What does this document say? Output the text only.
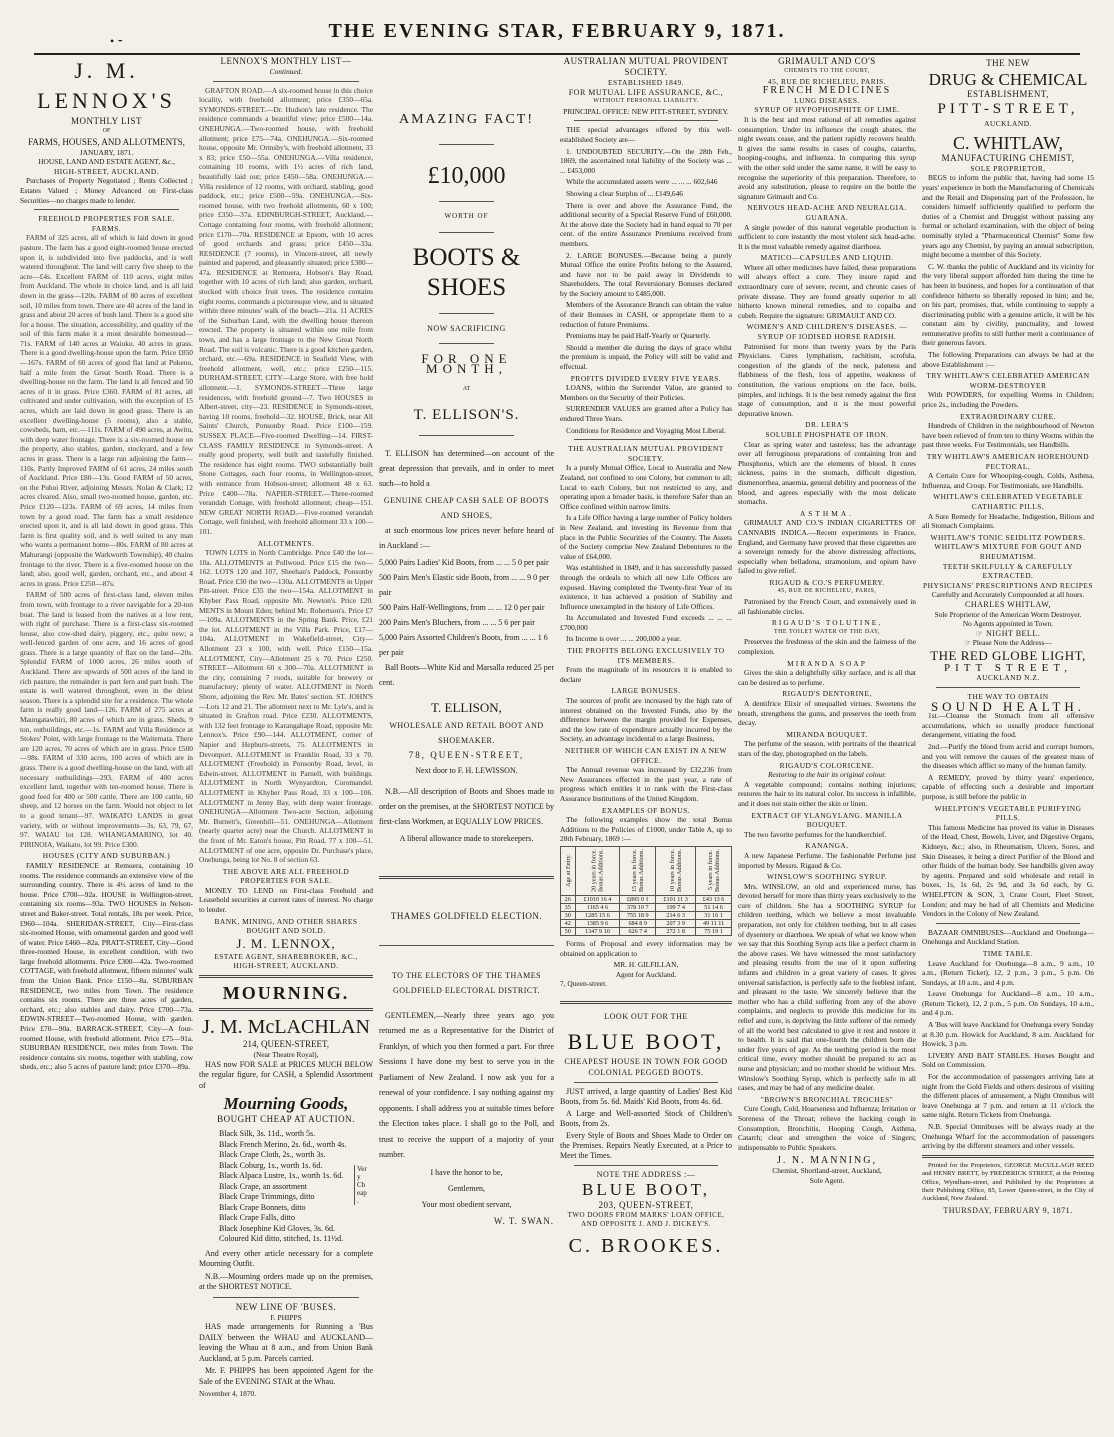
• ⁃	THE EVENING STAR, FEBRUARY 9, 1871.
J. M. LENNOX'S
MONTHLY LIST
OF
FARMS, HOUSES, AND ALLOTMENTS,
JANUARY, 1871.
HOUSE, LAND AND ESTATE AGENT, &c.,
HIGH-STREET, AUCKLAND.

Purchases of Property Negotiated ; Rents Collected ; Estates Valued ; Money Advanced on First-class Securities—no charges made to lender.

FREEHOLD PROPERTIES FOR SALE.
FARMS.

FARM of 325 acres, all of which is laid down in good pasture. The farm has a good eight-roomed house erected upon it, is subdivided into five paddocks, and is well watered throughout. The land will carry five sheep to the acre—£4s. Excellent FARM of 110 acres, eight miles from Auckland. The whole in choice land, and is all laid down in the grass—120s. FARM of 80 acres of excellent soil, 10 miles from town. There are 40 acres of the land in grass and about 20 acres of bush land. There is a good site for a house. The situation, accessibility, and quality of the soil of this farm make it a most desirable homestead—71s. FARM of 140 acres at Waiuku. 40 acres in grass. There is a good dwelling-house upon the farm. Price £850—167s. FARM of 60 acres of good flat land at Pukeno, half a mile from the Great South Road. There is a dwelling-house on the farm. The land is all fenced and 50 acres of it in grass. Price £360. FARM of 81 acres, all cultivated and under cultivation, with the exception of 15 acres, which are laid down in good grass. There is an excellent dwelling-house (5 rooms), also a stable, cowsheds, barn, etc.—111s. FARM of 490 acres, at Awitu, with deep water frontage. There is a six-roomed house on the property, also stables, garden, stockyard, and a few acres in grass. There is a large run adjoining the farm—110s. Partly Improved FARM of 61 acres, 24 miles south of Auckland. Price £80—13s. Good FARM of 50 acres, on the Puhoi River, adjoining Messrs. Nolan & Clark; 12 acres cleared. Also, small two-roomed house, garden, etc. Price £120—123s. FARM of 69 acres, 14 miles from town by a good road. The farm has a small residence erected upon it, and is all laid down in good grass. This farm is first quality soil, and is well suited to any man who wants a permanent home—80s. FARM of 80 acres at Mahurangi (opposite the Warkworth Township), 40 chains frontage to the river. There is a five-roomed house on the land; also, good well, garden, orchard, etc., and about 4 acres in grass. Price £250—87s.

FARM of 500 acres of first-class land, eleven miles from town, with frontage to a river navigable for a 20-ton boat. The land is leased from the natives at a low rent, with right of purchase. There is a first-class six-roomed house, also cow-shed dairy, piggery, etc., quite new; a well-fenced garden of one acre, and 16 acres of good grass. There is a large quantity of flax on the land—20s. Splendid FARM of 1000 acres, 26 miles south of Auckland. There are upwards of 500 acres of the land in rich pasture, the remainder is part fern and part bush. The estate is well watered throughout, even in the driest season. There is a splendid site for a residence. The whole farm is really good land—126. FARM of 275 acres at Maungatawhiri, 80 acres of which are in grass. Sheds, 9 ton, outbuildings, etc.—1s. FARM and Villa Residence at Stokes' Point, with large frontage to the Waitemata. There are 120 acres, 70 acres of which are in grass. Price £500—98s. FARM of 330 acres, 100 acres of which are in grass. There is a good dwelling-house on the land, with all necessary outbuildings—293. FARM of 400 acres excellent land, together with ten-roomed house. There is good feed for 400 or 500 cattle. There are 100 cattle, 60 sheep, and 12 horses on the farm. Would not object to let to a good tenant—97. WAIKATO LANDS in great variety, with or without improvements—3s, 63, 79, 67, 97. WAIAU lot 128. WHANGAMARINO, lot 40. PIRINOIA, Waikato, lot 99. Price £300.

HOUSES (CITY AND SUBURBAN.)

FAMILY RESIDENCE at Remuera, containing 10 rooms. The residence commands an extensive view of the surrounding country. There is 4½ acres of land to the house. Price £700—92a. HOUSE in Wellington-street, containing six rooms—93a. TWO HOUSES in Nelson-street and Baker-street. Total rentals, 18s per week. Price, £960—104a. SHERIDAN-STREET, City—First-class six-roomed House, with ornamental garden and good well of water. Price £460—82a. PRATT-STREET, City—Good three-roomed House, in excellent condition, with two large freehold allotments. Price £300—42a. Two-roomed COTTAGE, with freehold allotment, fifteen minutes' walk from the Union Bank. Price £150—8a. SUBURBAN RESIDENCE, two miles from Town. The residence contains six rooms. There are three acres of garden, orchard, etc.; also stables and dairy. Price £700—73a. EDWIN-STREET—Two-roomed House, with garden. Price £70—90a. BARRACK-STREET, City—A four-roomed House, with freehold allotment. Price £75—91a. SUBURBAN RESIDENCE, two miles from Town. The residence contains six rooms, together with stabling, cow sheds, etc.; also 5 acres of pasture land; price £370—89a.

LENNOX'S MONTHLY LIST—
Continued.

GRAFTON ROAD.—A six-roomed house in this choice locality, with freehold allotment; price £350—65a. SYMONDS-STREET.—Dr. Hudson's late residence. The residence commands a beautiful view; price £500—14a. ONEHUNGA.—Two-roomed house, with freehold allotment; price £75—74a. ONEHUNGA.—Six-roomed house, opposite Mr. Ormsby's, with freehold allotment, 33 x 83; price £50—55a. ONEHUNGA.—Villa residence, containing 10 rooms, with 1½ acres of rich land, beautifully laid out; price £450—58a. ONEHUNGA.—Villa residence of 12 rooms, with orchard, stabling, good paddock, etc.; price £500—59a. ONEHUNGA.—Six-roomed house, with two freehold allotments, 60 x 100; price £350—37a. EDINBURGH-STREET, Auckland.—Cottage containing four rooms, with freehold allotment; price £170—70a. RESIDENCE at Epsom, with 10 acres of good orchards and grass; price £450—33a. RESIDENCE (7 rooms), in Vincent-street, all newly painted and papered, and pleasantly situated; price £380—47a. RESIDENCE at Remuera, Hobson's Bay Road, together with 10 acres of rich land; also garden, orchard, stocked with choice fruit trees. The residence contains eight rooms, commands a picturesque view, and is situated within three minutes' walk of the beach—21a. 11 ACRES of the Suburban Land, with the dwelling house thereon erected. The property is situated within one mile from town, and has a large frontage to the New Great North Road. The soil is volcanic. There is a good kitchen garden, orchard, etc.—69a. RESIDENCE in Seafield View, with freehold allotment, well, etc.; price £250—115. DURHAM-STREET, CITY—Large Store, with free hold allotment.—1. SYMONDS-STREET—Three large residences, with freehold ground—7. Two HOUSES in Albert-street, city—23. RESIDENCE in Symonds-street, having 10 rooms, freehold—32. HOUSE, Brick, near All Saints' Church, Ponsonby Road. Price £100—159. SUSSEX PLACE—Five-roomed Dwelling—14. FIRST-CLASS FAMILY RESIDENCE in Symonds-street. A really good property, well built and tastefully finished. The residence has eight rooms. TWO substantially built Stone Cottages, each four rooms, in Wellington-street, with entrance from Hobson-street; allotment 48 x 63. Price £400—78a. NAPIER-STREET.—Three-roomed verandah Cottage, with freehold allotment; cheap—151. NEW GREAT NORTH ROAD.—Five-roomed verandah Cottage, well finished, with freehold allotment 33 x 100—101.

ALLOTMENTS.

TOWN LOTS in North Cambridge. Price £40 the lot—10a. ALLOTMENTS at Pollwood. Price £15 the two—162. LOTS 120 and 107, Sheehan's Paddock, Ponsonby Road. Price £30 the two—130a. ALLOTMENTS in Upper Pitt-street. Price £35 the two—154a. ALLOTMENT in Khyber Pass Road, opposite Mr. Newton's. Price £20. MENTS in Mount Eden; behind Mr. Robertson's. Price £7—109a. ALLOTMENTS in the Spring Bank. Price, £21 the lot. ALLOTMENT in the Villa Park. Price, £17—104a. ALLOTMENT in Wakefield-street, City—Allotment 23 x 100, with well. Price £150—15a. ALLOTMENT, City—Allotment 25 x 70. Price £250. STREET—Allotment 60 x 300—70a. ALLOTMENT in the city, containing 7 roods, suitable for brewery or manufactory; plenty of water. ALLOTMENT in North Shore, adjoining the Rev. Mr. Bates' section. ST. JOHN'S—Lots 12 and 21. The allotment next to Mr. Lyle's, and is situated in Grafton road. Price £230. ALLOTMENTS, with 132 feet frontage to Karangahape Road, opposite Mr. Lennox's. Price £90—144. ALLOTMENT, corner of Napier and Hepburn-streets, 75. ALLOTMENTS in Devonport. ALLOTMENT in Franklin Road, 33 x 70. ALLOTMENT (Freehold) in Ponsonby Road, level, in Edwin-street. ALLOTMENT in Parnell, with buildings. ALLOTMENT in North Wynyardton, Coromandel. ALLOTMENT in Khyber Pass Road, 33 x 100—106. ALLOTMENT in Jenny Bay, with deep water frontage. ONEHUNGA—Allotment Two-acre Section, adjoining Mr. Burnett's, Greenhill—51. ONEHUNGA—Allotment (nearly quarter acre) near the Church. ALLOTMENT in the front of Mr. Eaton's house, Pitt Road, 77 x 100—51. ALLOTMENT of one acre, opposite Dr. Purchase's place, Onehunga, being lot No. 8 of section 63.

THE ABOVE ARE ALL FREEHOLD PROPERTIES FOR SALE.

MONEY TO LEND on First-class Freehold and Leasehold securities at current rates of interest. No charge to lender.

BANK, MINING, AND OTHER SHARES BOUGHT AND SOLD.
J. M. LENNOX,
ESTATE AGENT, SHAREBROKER, &C.,
HIGH-STREET, AUCKLAND.
MOURNING.
J. M. McLACHLAN
214, QUEEN-STREET,
(Near Theatre Royal),

HAS now FOR SALE at PRICES MUCH BELOW the regular figure, for CASH, a Splendid Assortment of

Mourning Goods,
BOUGHT CHEAP AT AUCTION.
Black Silk, 3s. 11d., worth 5s.
Black French Merino, 2s. 6d., worth 4s.
Black Crape Cloth, 2s., worth 3s.
Black Coburg, 1s., worth 1s. 6d.
Black Alpaca Lustre, 1s., worth 1s. 6d.
Black Crape, an assortment
Black Crape Trimmings, ditto
Black Crape Bonnets, ditto
Black Crape Falls, ditto
Black Josephine Kid Gloves, 3s. 6d.
Coloured Kid ditto, stitched, 1s. 11½d.
Very Cheap.

And every other article necessary for a complete Mourning Outfit.

N.B.—Mourning orders made up on the premises, at the SHORTEST NOTICE.

NEW LINE OF 'BUSES.
F. PHIPPS

HAS made arrangements for Running a 'Bus DAILY between the WHAU and AUCKLAND—leaving the Whau at 8 a.m., and from Union Bank Auckland, at 5 p.m. Parcels carried.

Mr. F. PHIPPS has been appointed Agent for the Sale of the EVENING STAR at the Whau.

November 4, 1870.
AMAZING FACT!
£10,000
WORTH OF
BOOTS & SHOES
NOW SACRIFICING
FOR ONE MONTH,
AT
T. ELLISON'S.

T. ELLISON has determined—on account of the great depression that prevails, and in order to meet such—to hold a

GENUINE CHEAP CASH SALE OF BOOTS AND SHOES,

at such enormous low prices never before heard of in Auckland :—

5,000 Pairs Ladies' Kid Boots, from ... ... 5 0 per pair
500 Pairs Men's Elastic side Boots, from ... ... 9 0 per pair
500 Pairs Half-Wellingtons, from ... ... 12 0 per pair
200 Pairs Men's Bluchers, from ... ... 5 6 per pair
5,000 Pairs Assorted Children's Boots, from ... ... 1 6 per pair

Ball Boots—White Kid and Marsalla reduced 25 per cent.

T. ELLISON,
WHOLESALE AND RETAIL BOOT AND SHOEMAKER.
78, QUEEN-STREET,
Next door to F. H. LEWISSON.

N.B.—All description of Boots and Shoes made to order on the premises, at the SHORTEST NOTICE by first-class Workmen, at EQUALLY LOW PRICES.

A liberal allowance made to storekeepers.
THAMES GOLDFIELD ELECTION.
TO THE ELECTORS OF THE THAMES GOLDFIELD ELECTORAL DISTRICT.

GENTLEMEN,—Nearly three years ago you returned me as a Representative for the District of Franklyn, of which you then formed a part. For three Sessions I have done my best to serve you in the Parliament of New Zealand. I now ask you for a renewal of your confidence. I say nothing against my opponents. I shall address you at suitable times before the Election takes place. I shall go to the Poll, and trust to receive the support of a majority of your number.

I have the honor to be,
Gentlemen,
Your most obedient servant,
W. T. SWAN.
AUSTRALIAN MUTUAL PROVIDENT SOCIETY.
ESTABLISHED 1849.
FOR MUTUAL LIFE ASSURANCE, &C.,
WITHOUT PERSONAL LIABILITY.
PRINCIPAL OFFICE: NEW PITT-STREET, SYDNEY.

THE special advantages offered by this well-established Society are—

1. UNDOUBTED SECURITY.—On the 28th Feb., 1869, the ascertained total liability of the Society was ... ... £453,000

While the accumulated assets were ... ... ... 602,646

Showing a clear Surplus of ... £149,646

There is over and above the Assurance Fund, the additional security of a Special Reserve Fund of £60,000. At the above date the Society had in hand equal to 70 per cent. of the entire Assurance Premiums received from members.

2. LARGE BONUSES.—Because being a purely Mutual Office the entire Profits belong to the Assured, and have not to be paid away in Dividends to Shareholders. The total Reversionary Bonuses declared by the Society amount to £485,000.

Members of the Assurance Branch can obtain the value of their Bonuses in CASH, or appropriate them to a reduction of future Premiums.

Premiums may be paid Half-Yearly or Quarterly.

Should a member die during the days of grace whilst the premium is unpaid, the Policy will still be valid and effectual.

PROFITS DIVIDED EVERY FIVE YEARS.

LOANS, within the Surrender Value, are granted to Members on the Security of their Policies.

SURRENDER VALUES are granted after a Policy has endured Three Years.

Conditions for Residence and Voyaging Most Liberal.
THE AUSTRALIAN MUTUAL PROVIDENT SOCIETY.

Is a purely Mutual Office, Local to Australia and New Zealand, not confined to one Colony, but common to all; Local to each Colony, but not restricted to any, and operating upon a broader basis, is therefore Safer than an Office confined within narrow limits.

Is a Life Office having a large number of Policy holders in New Zealand, and investing its Revenue from that place in the Public Securities of the Country. The Assets of the Society comprise New Zealand Debentures to the value of £64,000.

Was established in 1849, and it has successfully passed through the ordeals to which all new Life Offices are exposed. Having completed the Twenty-first Year of its existence, it has achieved a position of Stability and Influence unexampled in the history of Life Offices.

Its Accumulated and Invested Fund exceeds ... ... ... £700,000

Its Income is over ... ... 200,000 a year.

THE PROFITS BELONG EXCLUSIVELY TO ITS MEMBERS.

From the magnitude of its resources it is enabled to declare

LARGE BONUSES.

The sources of profit are increased by the high rate of interest obtained on the Invested Funds, also by the difference between the margin provided for Expenses, and the low rate of expenditure actually incurred by the Society, an advantage incidental to a large Business,

NEITHER OF WHICH CAN EXIST IN A NEW OFFICE.

The Annual revenue was increased by £32,236 from New Assurances effected in the past year, a rate of progress which entitles it to rank with the First-class Assurance Institutions of the United Kingdom.

EXAMPLES OF BONUS.

The following examples show the total Bonus Additions to the Policies of £1000, under Table A, up to 28th February, 1869 :—

Age at Entry.	20 years in force. Bonus Additions.	15 years in force. Bonus Additions.	10 years in force. Bonus Additions.	5 years in force. Bonus Additions.
26	£1010 16 4	£895 0 1	£101 11 3	£43 13 6
35	1165 4 6	378 10 7	199 7 4	51 14 6
30	1285 15 6	755 18 9	214 6 3	31 16 1
42	1385 9 6	684 8 9	207 3 9	49 11 11
50	1347 9 10	626 7 4	272 1 8	75 19 1

Forms of Proposal and every information may be obtained on application to

MR. H. GILFILLAN,
Agent for Auckland.
7, Queen-street.
LOOK OUT FOR THE
BLUE BOOT,
CHEAPEST HOUSE IN TOWN FOR GOOD COLONIAL PEGGED BOOTS.

JUST arrived, a large quantity of Ladies' Best Kid Boots, from 5s. 6d. Maids' Kid Boots, from 4s. 6d.

A Large and Well-assorted Stock of Children's Boots, from 2s.

Every Style of Boots and Shoes Made to Order on the Premises. Repairs Neatly Executed, at a Price to Meet the Times.

NOTE THE ADDRESS :—
BLUE BOOT,
203, QUEEN-STREET,
TWO DOORS FROM MARKS' LOAN OFFICE, AND OPPOSITE J. AND J. DICKEY'S.
C. BROOKES.
GRIMAULT AND CO'S
CHEMISTS TO THE COURT,
45, RUE DE RICHELIEU, PARIS.
FRENCH MEDICINES
LUNG DISEASES.
SYRUP OF HYPOPHOSPHITE OF LIME.

It is the best and most rational of all remedies against consumption. Under its influence the cough abates, the night sweats cease, and the patient rapidly recovers health. It gives the same results in cases of coughs, catarrhs, hooping-coughs, and influenza. In comparing this syrup with the other sold under the same name, it will be easy to recognise the superiority of this preparation. Therefore, to avoid any substitution, please to require on the bottle the signature Grimault and Co.

NERVOUS HEAD-ACHE AND NEURALGIA.
GUARANA.

A single powder of this natural vegetable production is sufficient to cure instantly the most violent sick head-ache. It is the most valuable remedy against diarrhoea.

MATICO—CAPSULES AND LIQUID.

Where all other medicines have failed, these preparations will always effect a cure. They insure rapid and extraordinary cure of severe, recent, and chronic cases of private disease. They are found greatly superior to all hitherto known mineral remedies, and to copaiba and cubeb. Require the signature: GRIMAULT AND CO.

WOMEN'S AND CHILDREN'S DISEASES. —SYRUP OF IODISED HORSE RADISH.

Patronised for more than twenty years by the Paris Physicians. Cures lymphatism, rachitism, scrofula, congestion of the glands of the neck, paleness and flabbiness of the flesh, loss of appetite, weakness of constitution, the various eruptions on the face, boils, pimples, and itchings. It is the best remedy against the first stage of consumption, and it is the most powerful depurative known.

DR. LERA'S
SOLUBLE PHOSPHATE OF IRON.

Clear as spring water and tasteless; has the advantage over all ferruginous preparations of containing Iron and Phosphorus, which are the elements of blood. It cures sickness, pains in the stomach, difficult digestion, dismenorrhea, anaemia, general debility and poorness of the blood, and agrees especially with the most delicate stomachs.

ASTHMA.

GRIMAULT AND CO.'S INDIAN CIGARETTES OF CANNABIS INDICA.—Recent experiments in France, England, and Germany have proved that these cigarettes are a sovereign remedy for the above distressing affections, especially when belladona, stramonium, and opium have failed to give relief.

RIGAUD & CO.'S PERFUMERY.
45, RUE DE RICHELIEU, PARIS,

Patronised by the French Court, and extensively used in all fashionable circles.

RIGAUD'S TOLUTINE,
THE TOILET WATER OF THE DAY,

Preserves the freshness of the skin and the fairness of the complexion.

MIRANDA SOAP

Gives the skin a delightfully silky surface, and is all that can be desired as to perfume.

RIGAUD'S DENTORINE,

A dentifrice Elixir of unequalled virtues. Sweetens the breath, strengthens the gums, and preserves the teeth from decay.

MIRANDA BOUQUET.

The perfume of the season, with portraits of the theatrical stars of the day, photographed on the labels.

RIGAUD'S COLORICENE.
Restoring to the hair its original colour.

A vegetable compound; contains nothing injurious; restores the hair to its natural color. Its success is infallible, and it does not stain either the skin or linen.

EXTRACT OF YLANGYLANG. MANILLA BOUQUET.

The two favorite perfumes for the handkerchief.

KANANGA.

A new Japanese Perfume. The fashionable Perfume just imported by Messrs. Rigaud & Co.

WINSLOW'S SOOTHING SYRUP.

Mrs. WINSLOW, an old and experienced nurse, has devoted herself for more than thirty years exclusively to the cure of children. She has a SOOTHING SYRUP for children teething, which we believe a most invaluable preparation, not only for children teething, but in all cases of dysentery or diarrhoea. We speak of what we know when we say that this Soothing Syrup acts like a perfect charm in the above cases. We have witnessed the most satisfactory and pleasing results from the use of it upon suffering infants and children in a great variety of cases. It gives universal satisfaction, is perfectly safe to the feeblest infant, and pleasant to the taste. We sincerely believe that the mother who has a child suffering from any of the above complaints, and neglects to provide this medicine for its relief and cure, is depriving the little sufferer of the remedy of all the world best calculated to give it rest and restore it to health. It is said that one-fourth the children born die under five years of age. As the teething period is the most critical time, every mother should be prepared to act as nurse and physician; and no mother should be without Mrs. Winslow's Soothing Syrup, which is perfectly safe in all cases, and may be had of any medicine dealer.

"BROWN'S BRONCHIAL TROCHES"

Cure Cough, Cold, Hoarseness and Influenza; Irritation or Soreness of the Throat; relieve the hacking cough in Consumption, Bronchitis, Hooping Cough, Asthma, Catarrh; clear and strengthen the voice of Singers; indispensable to Public Speakers.

J. N. MANNING,
Chemist, Shortland-street, Auckland,
Sole Agent.
THE NEW
DRUG & CHEMICAL
ESTABLISHMENT,
PITT-STREET,
AUCKLAND.
C. WHITLAW,
MANUFACTURING CHEMIST,
SOLE PROPRIETOR,

BEGS to inform the public that, having had some 15 years' experience in both the Manufacturing of Chemicals and the Retail and Dispensing part of the Profession, he considers himself sufficiently qualified to perform the duties of a Chemist and Druggist without passing any formal or scholard examination, with the object of being nominally styled a "Pharmaceutical Chemist" Some few years ago any Chemist, by paying an annual subscription, might become a member of this Society.

C. W. thanks the public of Auckland and its vicinity for the very liberal support afforded him during the time he has been in business, and hopes for a continuation of that confidence hitherto so liberally reposed in him; and he, on his part, promises, that, while continuing to supply a discriminating public with a genuine article, it will be his constant aim by civility, punctuality, and lowest remunerative profits to still further merit a continuance of their generous favors.

The following Preparations can always be had at the above Establishment :—

TRY WHITLAW'S CELEBRATED AMERICAN WORM-DESTROYER

With POWDERS, for expelling Worms in Children; price 2s., including the Powders.

EXTRAORDINARY CURE.

Hundreds of Children in the neighbourhood of Newton have been relieved of from ten to thirty Worms within the past three weeks. For Testimonials, see Handbills.

TRY WHITLAW'S AMERICAN HOREHOUND PECTORAL,

A Certain Cure for Whooping-cough, Colds, Asthma, Influenza, and Croup. For Testimonials, see Handbills.

WHITLAW'S CELEBRATED VEGETABLE CATHARTIC PILLS,

A Sure Remedy for Headache, Indigestion, Bilious and all Stomach Complaints.

WHITLAW'S TONIC SEIDLITZ POWDERS.
WHITLAW'S MIXTURE FOR GOUT AND RHEUMATISM.
TEETH SKILFULLY & CAREFULLY EXTRACTED.
PHYSICIANS' PRESCRIPTIONS AND RECIPES
Carefully and Accurately Compounded at all hours.
CHARLES WHITLAW,
Sole Proprietor of the American Worm Destroyer.
No Agents appointed in Town.
☞ NIGHT BELL.
☞ Please Note the Address—
THE RED GLOBE LIGHT,
PITT STREET,
AUCKLAND N.Z.
THE WAY TO OBTAIN
SOUND HEALTH.

1st.—Cleanse the Stomach from all offensive accumulations, which so usually produce functional derangement, vitiating the food.

2nd.—Purify the blood from acrid and corrupt humors, and you will remove the causes of the greatest mass of the diseases which afflict so many of the human family.

A REMEDY, proved by thirty years' experience, capable of effecting such a desirable and important purpose, is still before the public in

WHELPTON'S VEGETABLE PURIFYING PILLS.

This famous Medicine has proved its value in Diseases of the Head, Chest, Bowels, Liver, and Digestive Organs, Kidneys, &c.; also, in Rheumatism, Ulcers, Sores, and Skin Diseases, it being a direct Purifier of the Blood and other fluids of the human body. See handbills given away by agents. Prepared and sold wholesale and retail in boxes, 1s, 1s 6d, 2s 9d, and 3s 6d each, by G. WHELPTON & SON, 3, Crane Court, Fleet Street, London; and may be had of all Chemists and Medicine Vendors in the Colony of New Zealand.

BAZAAR OMNIBUSES—Auckland and Onehunga—Onehunga and Auckland Station.

TIME TABLE.

Leave Auckland for Onehunga—8 a.m., 9 a.m., 10 a.m., (Return Ticket), 12, 2 p.m., 3 p.m., 5 p.m. On Sundays, at 10 a.m., and 4 p.m.

Leave Onehunga for Auckland—8 a.m., 10 a.m., (Return Ticket), 12, 2 p.m., 5 p.m. On Sundays, 10 a.m., and 4 p.m.

A 'Bus will leave Auckland for Onehunga every Sunday at 8.30 p.m. Howick for Auckland, 8 a.m. Auckland for Howick, 3 p.m.

LIVERY AND BAIT STABLES. Horses Bought and Sold on Commission.

For the accommodation of passengers arriving late at night from the Gold Fields and others desirous of visiting the different places of amusement, a Night Omnibus will leave Onehunga at 7 p.m. and return at 11 o'clock the same night. Return Tickets from Onehunga.

N.B. Special Omnibuses will be always ready at the Onehunga Wharf for the accommodation of passengers arriving by the different steamers and other vessels.

Printed for the Proprietors, GEORGE McCULLAGH REED and HENRY BRETT, by FREDERICK STREET, at the Printing Office, Wyndham-street, and Published by the Proprietors at their Publishing Office, 85, Lower Queen-street, in the City of Auckland, New Zealand.

THURSDAY, FEBRUARY 9, 1871.
